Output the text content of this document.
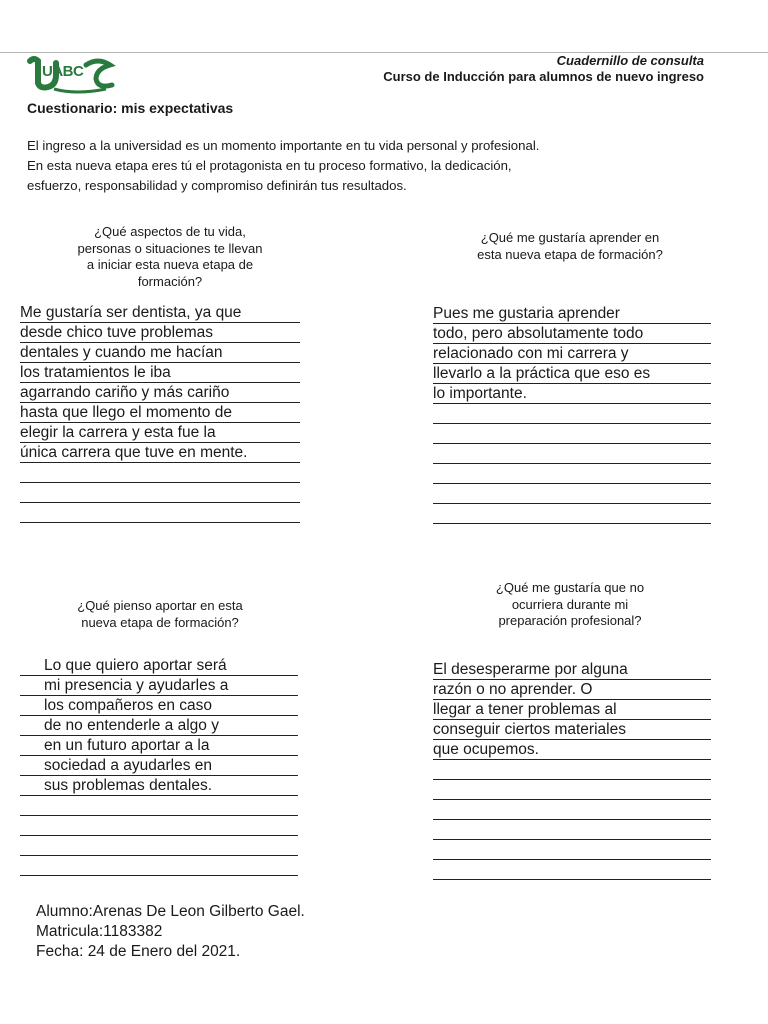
UABC
Cuadernillo de consulta
Curso de Inducción para alumnos de nuevo ingreso
Cuestionario: mis expectativas
El ingreso a la universidad es un momento importante en tu vida personal y profesional.
En esta nueva etapa eres tú el protagonista en tu proceso formativo, la dedicación,
esfuerzo, responsabilidad y compromiso definirán tus resultados.
¿Qué aspectos de tu vida,
personas o situaciones te llevan
a iniciar esta nueva etapa de
formación?
Me gustaría ser dentista, ya que
desde chico tuve problemas
dentales y cuando me hacían
los tratamientos le iba
agarrando cariño y más cariño
hasta que llego el momento de
elegir la carrera y esta fue la
única carrera que tuve en mente.
¿Qué me gustaría aprender en
esta nueva etapa de formación?
Pues me gustaria aprender
todo, pero absolutamente todo
relacionado con mi carrera y
llevarlo a la práctica que eso es
lo importante.
¿Qué pienso aportar en esta
nueva etapa de formación?
Lo que quiero aportar será
mi presencia y ayudarles a
los compañeros en caso
de no entenderle a algo y
en un futuro aportar a la
sociedad a ayudarles en
sus problemas dentales.
¿Qué me gustaría que no
ocurriera durante mi
preparación profesional?
El desesperarme por alguna
razón o no aprender. O
llegar a tener problemas al
conseguir ciertos materiales
que ocupemos.
Alumno:Arenas De Leon Gilberto Gael.
Matricula:1183382
Fecha: 24 de Enero del 2021.
